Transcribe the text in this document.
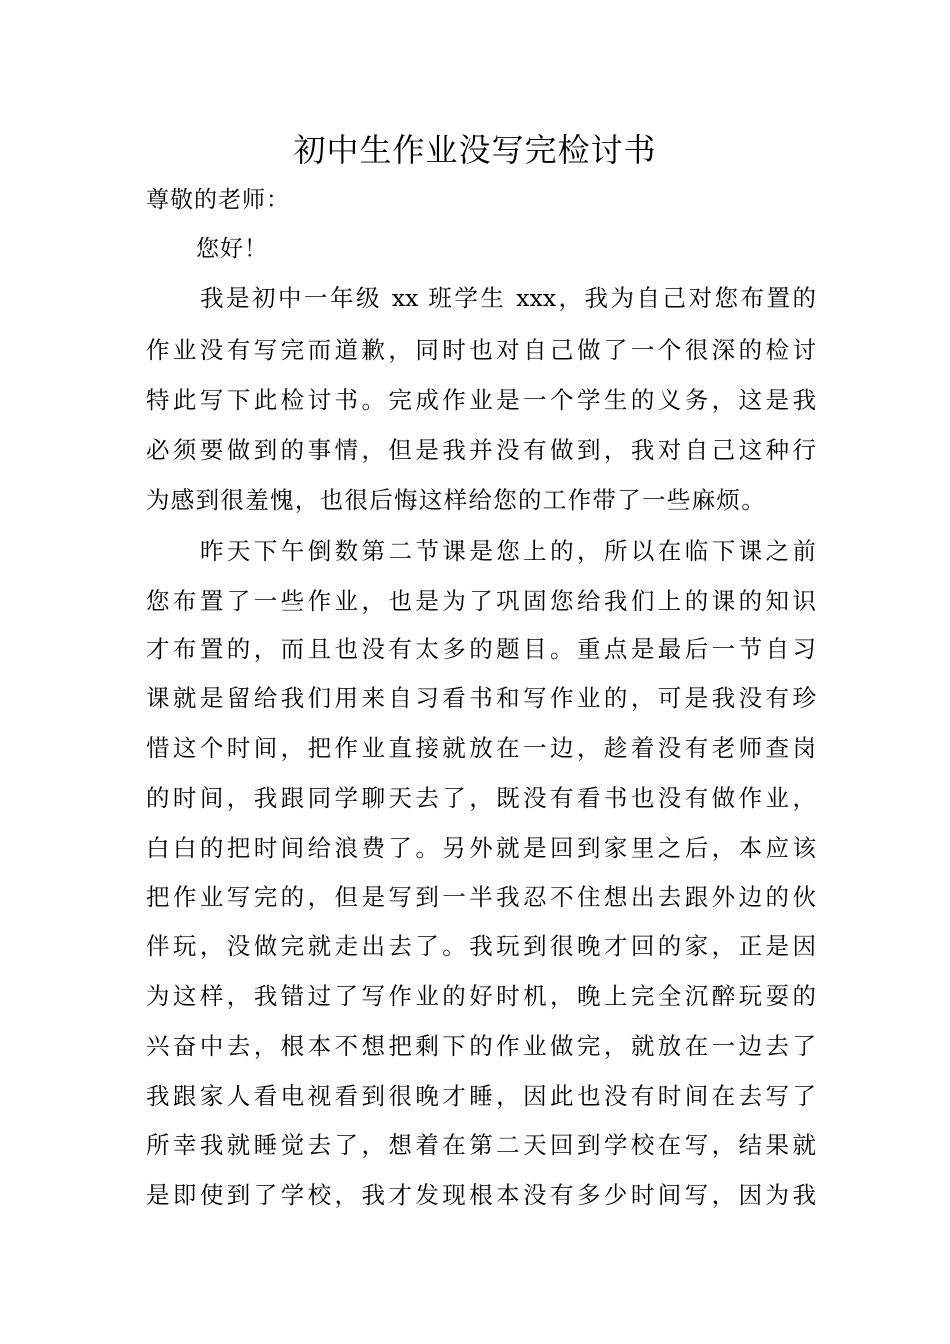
初中生作业没写完检讨书
尊敬的老师：
您好！
我是初中一年级 xx 班学生 xxx，我为自己对您布置的
作业没有写完而道歉，同时也对自己做了一个很深的检讨
特此写下此检讨书。完成作业是一个学生的义务，这是我
必须要做到的事情，但是我并没有做到，我对自己这种行
为感到很羞愧，也很后悔这样给您的工作带了一些麻烦。
昨天下午倒数第二节课是您上的，所以在临下课之前
您布置了一些作业，也是为了巩固您给我们上的课的知识
才布置的，而且也没有太多的题目。重点是最后一节自习
课就是留给我们用来自习看书和写作业的，可是我没有珍
惜这个时间，把作业直接就放在一边，趁着没有老师查岗
的时间，我跟同学聊天去了，既没有看书也没有做作业，
白白的把时间给浪费了。另外就是回到家里之后，本应该
把作业写完的，但是写到一半我忍不住想出去跟外边的伙
伴玩，没做完就走出去了。我玩到很晚才回的家，正是因
为这样，我错过了写作业的好时机，晚上完全沉醉玩耍的
兴奋中去，根本不想把剩下的作业做完，就放在一边去了
我跟家人看电视看到很晚才睡，因此也没有时间在去写了
所幸我就睡觉去了，想着在第二天回到学校在写，结果就
是即使到了学校，我才发现根本没有多少时间写，因为我
